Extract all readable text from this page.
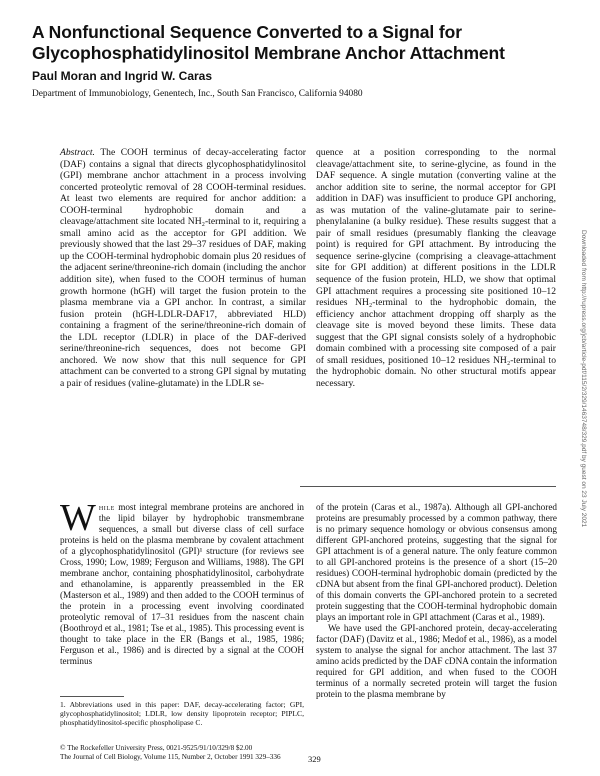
A Nonfunctional Sequence Converted to a Signal for Glycophosphatidylinositol Membrane Anchor Attachment
Paul Moran and Ingrid W. Caras
Department of Immunobiology, Genentech, Inc., South San Francisco, California 94080
Abstract. The COOH terminus of decay-accelerating factor (DAF) contains a signal that directs glycophosphatidylinositol (GPI) membrane anchor attachment in a process involving concerted proteolytic removal of 28 COOH-terminal residues. At least two elements are required for anchor addition: a COOH-terminal hydrophobic domain and a cleavage/attachment site located NH₂-terminal to it, requiring a small amino acid as the acceptor for GPI addition. We previously showed that the last 29–37 residues of DAF, making up the COOH-terminal hydrophobic domain plus 20 residues of the adjacent serine/threonine-rich domain (including the anchor addition site), when fused to the COOH terminus of human growth hormone (hGH) will target the fusion protein to the plasma membrane via a GPI anchor. In contrast, a similar fusion protein (hGH-LDLR-DAF17, abbreviated HLD) containing a fragment of the serine/threonine-rich domain of the LDL receptor (LDLR) in place of the DAF-derived serine/threonine-rich sequences, does not become GPI anchored. We now show that this null sequence for GPI attachment can be converted to a strong GPI signal by mutating a pair of residues (valine-glutamate) in the LDLR se-
quence at a position corresponding to the normal cleavage/attachment site, to serine-glycine, as found in the DAF sequence. A single mutation (converting valine at the anchor addition site to serine, the normal acceptor for GPI addition in DAF) was insufficient to produce GPI anchoring, as was mutation of the valine-glutamate pair to serine-phenylalanine (a bulky residue). These results suggest that a pair of small residues (presumably flanking the cleavage point) is required for GPI attachment. By introducing the sequence serine-glycine (comprising a cleavage-attachment site for GPI addition) at different positions in the LDLR sequence of the fusion protein, HLD, we show that optimal GPI attachment requires a processing site positioned 10–12 residues NH₂-terminal to the hydrophobic domain, the efficiency anchor attachment dropping off sharply as the cleavage site is moved beyond these limits. These data suggest that the GPI signal consists solely of a hydrophobic domain combined with a processing site composed of a pair of small residues, positioned 10–12 residues NH₂-terminal to the hydrophobic domain. No other structural motifs appear necessary.
While most integral membrane proteins are anchored in the lipid bilayer by hydrophobic transmembrane sequences, a small but diverse class of cell surface proteins is held on the plasma membrane by covalent attachment of a glycophosphatidylinositol (GPI)¹ structure (for reviews see Cross, 1990; Low, 1989; Ferguson and Williams, 1988). The GPI membrane anchor, containing phosphatidylinositol, carbohydrate and ethanolamine, is apparently preassembled in the ER (Masterson et al., 1989) and then added to the COOH terminus of the protein in a processing event involving coordinated proteolytic removal of 17–31 residues from the nascent chain (Boothroyd et al., 1981; Tse et al., 1985). This processing event is thought to take place in the ER (Bangs et al., 1985, 1986; Ferguson et al., 1986) and is directed by a signal at the COOH terminus
of the protein (Caras et al., 1987a). Although all GPI-anchored proteins are presumably processed by a common pathway, there is no primary sequence homology or obvious consensus among different GPI-anchored proteins, suggesting that the signal for GPI attachment is of a general nature. The only feature common to all GPI-anchored proteins is the presence of a short (15–20 residues) COOH-terminal hydrophobic domain (predicted by the cDNA but absent from the final GPI-anchored product). Deletion of this domain converts the GPI-anchored protein to a secreted protein suggesting that the COOH-terminal hydrophobic domain plays an important role in GPI attachment (Caras et al., 1989).
We have used the GPI-anchored protein, decay-accelerating factor (DAF) (Davitz et al., 1986; Medof et al., 1986), as a model system to analyse the signal for anchor attachment. The last 37 amino acids predicted by the DAF cDNA contain the information required for GPI addition, and when fused to the COOH terminus of a normally secreted protein will target the fusion protein to the plasma membrane by
1. Abbreviations used in this paper: DAF, decay-accelerating factor; GPI, glycophosphatidylinositol; LDLR, low density lipoprotein receptor; PIPLC, phosphatidylinositol-specific phospholipase C.
© The Rockefeller University Press, 0021-9525/91/10/329/8 $2.00
The Journal of Cell Biology, Volume 115, Number 2, October 1991 329–336	329
Downloaded from http://rupress.org/jcb/article-pdf/115/2/329/1463748/329.pdf by guest on 23 July 2021
